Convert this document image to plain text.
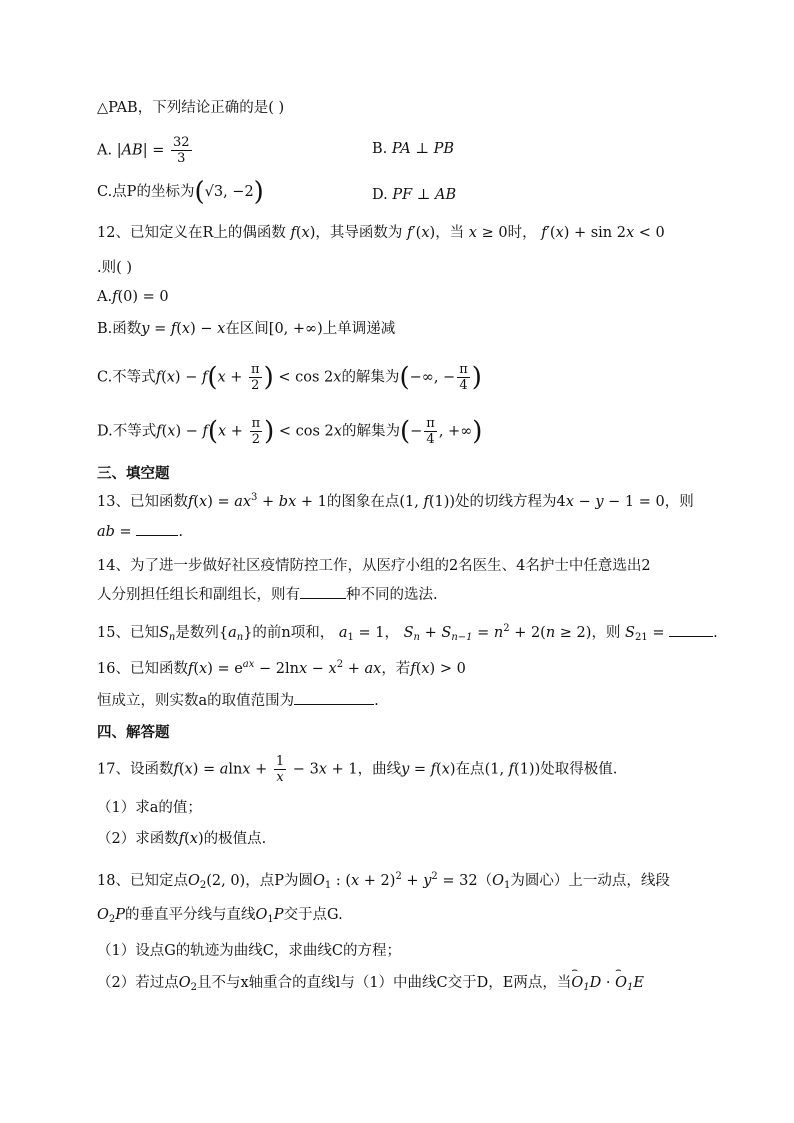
△PAB，下列结论正确的是( )
A. $|AB| = \frac{32}{3}$	B. PA ⊥ PB
C.点P的坐标为(√3, −2)	D. PF ⊥ AB
12、已知定义在R上的偶函数 f(x)，其导函数为 f′(x)，当 x ≥ 0时， f′(x) + sin 2x < 0
.则( )
A.f(0) = 0
B.函数y = f(x) − x在区间[0, +∞)上单调递减
C.不等式$f(x) - f(x + \frac{\pi}{2}$ ) < cos 2x的解集为(−∞, − $\frac{\pi}{4}$ )
D.不等式$f(x) - f(x + \frac{\pi}{2}$ ) < cos 2x的解集为(− $\frac{\pi}{4}$ , +∞)
三、填空题
13、已知函数$f(x) = ax^3$ + bx + 1的图象在点(1, f(1))处的切线方程为4x − y − 1 = 0，则
ab =	.
14、为了进一步做好社区疫情防控工作，从医疗小组的2名医生、4名护士中任意选出2
人分别担任组长和副组长，则有	种不同的选法.
15、已知$S_n$是数列$\{a_n\}$的前n项和， $a_1 = 1$， $S_n + S_{n-1} = n^2 + 2(n \ge 2)$，则 $S_{21}$ =	.
16、已知函数$f(x) = e^{ax} - 2\ln x - x^2$ + ax，若f(x) > 0
恒成立，则实数a的取值范围为	.
四、解答题
17、设函数$f(x) = alnx + \frac{1}{x} - 3x + 1$，曲线y = f(x)在点(1, f(1))处取得极值.
（1）求a的值；
（2）求函数f(x)的极值点.
18、已知定点$O_2(2$, 0)，点P为圆$O_1$ : $(x + 2)^2 + y^2 = 32(O_1$为圆心）上一动点，线段
$O_2P$的垂直平分线与直线$O_1P$交于点G.
（1）设点G的轨迹为曲线C，求曲线C的方程；
（2）若过点$O_2$且不与x轴重合的直线l与（1）中曲线C交于D，E两点，当⌢ $O_1D$ · ⌢ $O_1E$
